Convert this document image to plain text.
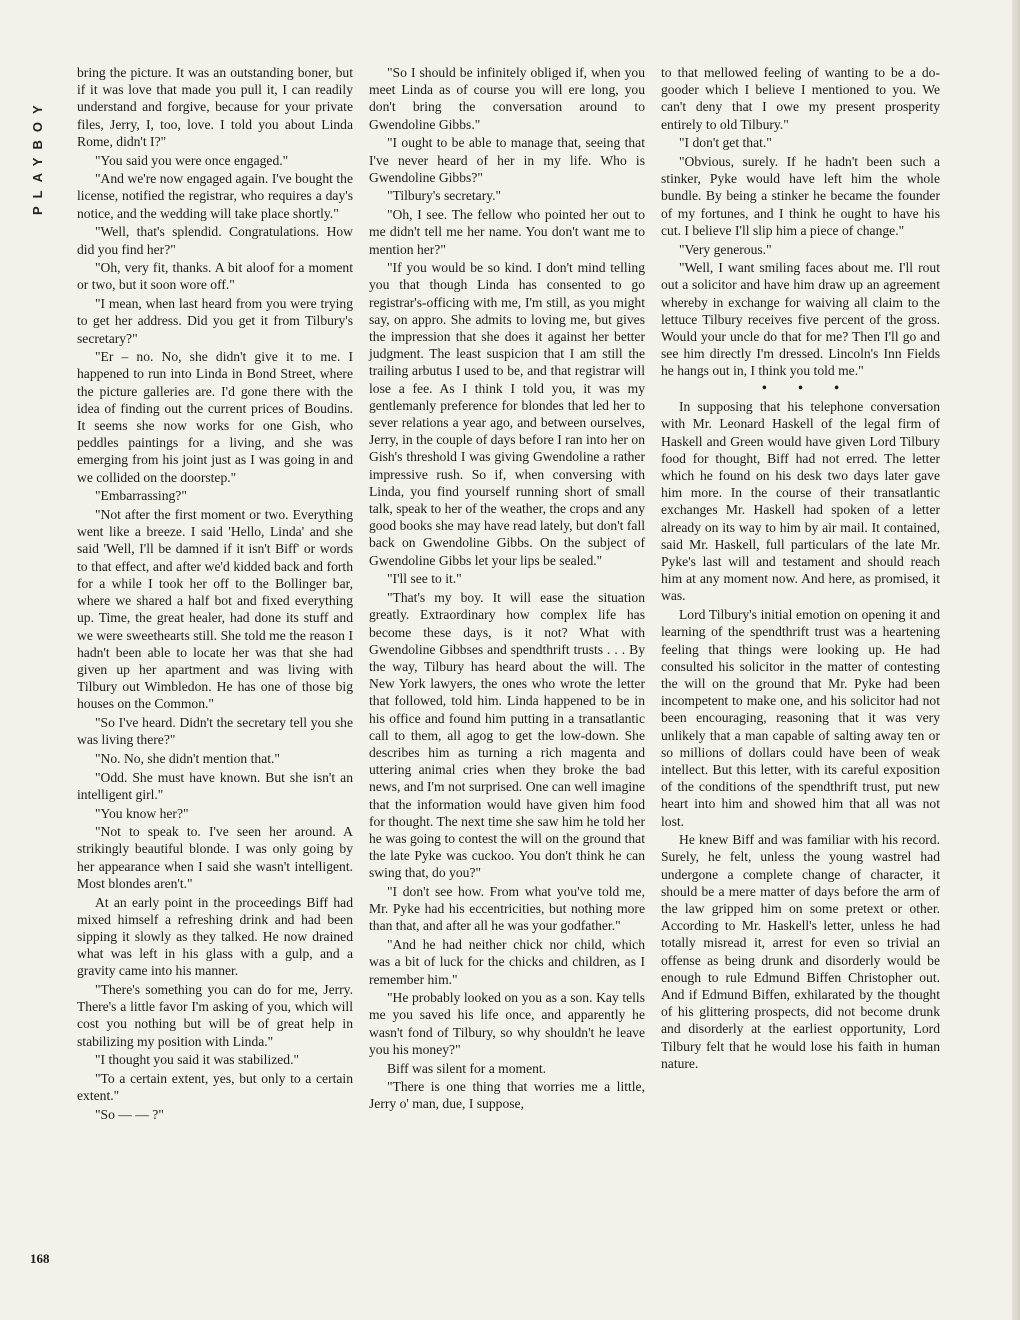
PLAYBOY
168

bring the picture. It was an outstanding boner, but if it was love that made you pull it, I can readily understand and forgive, because for your private files, Jerry, I, too, love. I told you about Linda Rome, didn't I?"

"You said you were once engaged."

"And we're now engaged again. I've bought the license, notified the registrar, who requires a day's notice, and the wedding will take place shortly."

"Well, that's splendid. Congratulations. How did you find her?"

"Oh, very fit, thanks. A bit aloof for a moment or two, but it soon wore off."

"I mean, when last heard from you were trying to get her address. Did you get it from Tilbury's secretary?"

"Er – no. No, she didn't give it to me. I happened to run into Linda in Bond Street, where the picture galleries are. I'd gone there with the idea of finding out the current prices of Boudins. It seems she now works for one Gish, who peddles paintings for a living, and she was emerging from his joint just as I was going in and we collided on the doorstep."

"Embarrassing?"

"Not after the first moment or two. Everything went like a breeze. I said 'Hello, Linda' and she said 'Well, I'll be damned if it isn't Biff' or words to that effect, and after we'd kidded back and forth for a while I took her off to the Bollinger bar, where we shared a half bot and fixed everything up. Time, the great healer, had done its stuff and we were sweethearts still. She told me the reason I hadn't been able to locate her was that she had given up her apartment and was living with Tilbury out Wimbledon. He has one of those big houses on the Common."

"So I've heard. Didn't the secretary tell you she was living there?"

"No. No, she didn't mention that."

"Odd. She must have known. But she isn't an intelligent girl."

"You know her?"

"Not to speak to. I've seen her around. A strikingly beautiful blonde. I was only going by her appearance when I said she wasn't intelligent. Most blondes aren't."

At an early point in the proceedings Biff had mixed himself a refreshing drink and had been sipping it slowly as they talked. He now drained what was left in his glass with a gulp, and a gravity came into his manner.

"There's something you can do for me, Jerry. There's a little favor I'm asking of you, which will cost you nothing but will be of great help in stabilizing my position with Linda."

"I thought you said it was stabilized."

"To a certain extent, yes, but only to a certain extent."

"So — — ?"

"So I should be infinitely obliged if, when you meet Linda as of course you will ere long, you don't bring the conversation around to Gwendoline Gibbs."

"I ought to be able to manage that, seeing that I've never heard of her in my life. Who is Gwendoline Gibbs?"

"Tilbury's secretary."

"Oh, I see. The fellow who pointed her out to me didn't tell me her name. You don't want me to mention her?"

"If you would be so kind. I don't mind telling you that though Linda has consented to go registrar's-officing with me, I'm still, as you might say, on appro. She admits to loving me, but gives the impression that she does it against her better judgment. The least suspicion that I am still the trailing arbutus I used to be, and that registrar will lose a fee. As I think I told you, it was my gentlemanly preference for blondes that led her to sever relations a year ago, and between ourselves, Jerry, in the couple of days before I ran into her on Gish's threshold I was giving Gwendoline a rather impressive rush. So if, when conversing with Linda, you find yourself running short of small talk, speak to her of the weather, the crops and any good books she may have read lately, but don't fall back on Gwendoline Gibbs. On the subject of Gwendoline Gibbs let your lips be sealed."

"I'll see to it."

"That's my boy. It will ease the situation greatly. Extraordinary how complex life has become these days, is it not? What with Gwendoline Gibbses and spendthrift trusts . . . By the way, Tilbury has heard about the will. The New York lawyers, the ones who wrote the letter that followed, told him. Linda happened to be in his office and found him putting in a transatlantic call to them, all agog to get the low-down. She describes him as turning a rich magenta and uttering animal cries when they broke the bad news, and I'm not surprised. One can well imagine that the information would have given him food for thought. The next time she saw him he told her he was going to contest the will on the ground that the late Pyke was cuckoo. You don't think he can swing that, do you?"

"I don't see how. From what you've told me, Mr. Pyke had his eccentricities, but nothing more than that, and after all he was your godfather."

"And he had neither chick nor child, which was a bit of luck for the chicks and children, as I remember him."

"He probably looked on you as a son. Kay tells me you saved his life once, and apparently he wasn't fond of Tilbury, so why shouldn't he leave you his money?"

Biff was silent for a moment.

"There is one thing that worries me a little, Jerry o' man, due, I suppose,

to that mellowed feeling of wanting to be a do-gooder which I believe I mentioned to you. We can't deny that I owe my present prosperity entirely to old Tilbury."

"I don't get that."

"Obvious, surely. If he hadn't been such a stinker, Pyke would have left him the whole bundle. By being a stinker he became the founder of my fortunes, and I think he ought to have his cut. I believe I'll slip him a piece of change."

"Very generous."

"Well, I want smiling faces about me. I'll rout out a solicitor and have him draw up an agreement whereby in exchange for waiving all claim to the lettuce Tilbury receives five percent of the gross. Would your uncle do that for me? Then I'll go and see him directly I'm dressed. Lincoln's Inn Fields he hangs out in, I think you told me."

• • •

In supposing that his telephone conversation with Mr. Leonard Haskell of the legal firm of Haskell and Green would have given Lord Tilbury food for thought, Biff had not erred. The letter which he found on his desk two days later gave him more. In the course of their transatlantic exchanges Mr. Haskell had spoken of a letter already on its way to him by air mail. It contained, said Mr. Haskell, full particulars of the late Mr. Pyke's last will and testament and should reach him at any moment now. And here, as promised, it was.

Lord Tilbury's initial emotion on opening it and learning of the spendthrift trust was a heartening feeling that things were looking up. He had consulted his solicitor in the matter of contesting the will on the ground that Mr. Pyke had been incompetent to make one, and his solicitor had not been encouraging, reasoning that it was very unlikely that a man capable of salting away ten or so millions of dollars could have been of weak intellect. But this letter, with its careful exposition of the conditions of the spendthrift trust, put new heart into him and showed him that all was not lost.

He knew Biff and was familiar with his record. Surely, he felt, unless the young wastrel had undergone a complete change of character, it should be a mere matter of days before the arm of the law gripped him on some pretext or other. According to Mr. Haskell's letter, unless he had totally misread it, arrest for even so trivial an offense as being drunk and disorderly would be enough to rule Edmund Biffen Christopher out. And if Edmund Biffen, exhilarated by the thought of his glittering prospects, did not become drunk and disorderly at the earliest opportunity, Lord Tilbury felt that he would lose his faith in human nature.
